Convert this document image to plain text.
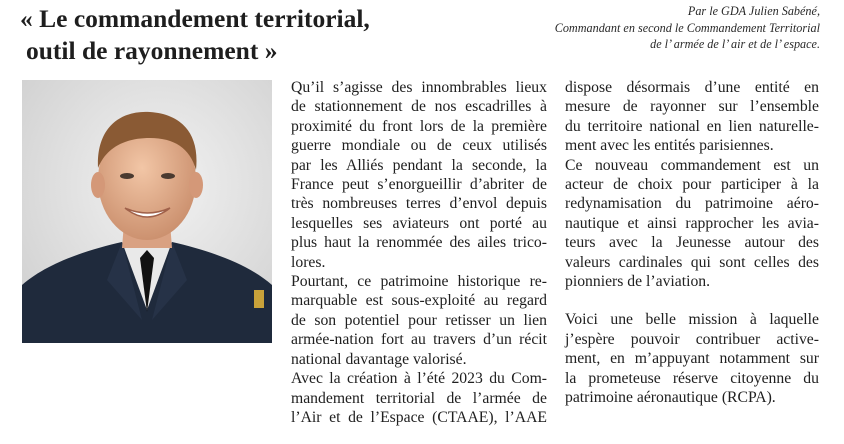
« Le commandement territorial,
outil de rayonnement »
Par le GDA Julien Sabéné,
Commandant en second le Commandement Territorial
de l’ armée de l’ air et de l’ espace.

Qu’il s’agisse des innombrables lieux
de stationnement de nos escadrilles à
proximité du front lors de la première
guerre mondiale ou de ceux utilisés
par les Alliés pendant la seconde, la
France peut s’enorgueillir d’abriter de
très nombreuses terres d’envol depuis
lesquelles ses aviateurs ont porté au
plus haut la renommée des ailes trico-
lores.

Pourtant, ce patrimoine historique re-
marquable est sous-exploité au regard
de son potentiel pour retisser un lien
armée-nation fort au travers d’un récit
national davantage valorisé.

Avec la création à l’été 2023 du Com-
mandement territorial de l’armée de
l’Air et de l’Espace (CTAAE), l’AAE

dispose désormais d’une entité en
mesure de rayonner sur l’ensemble
du territoire national en lien naturelle-
ment avec les entités parisiennes.

Ce nouveau commandement est un
acteur de choix pour participer à la
redynamisation du patrimoine aéro-
nautique et ainsi rapprocher les avia-
teurs avec la Jeunesse autour des
valeurs cardinales qui sont celles des
pionniers de l’aviation.

Voici une belle mission à laquelle
j’espère pouvoir contribuer active-
ment, en m’appuyant notamment sur
la prometeuse réserve citoyenne du
patrimoine aéronautique (RCPA).
